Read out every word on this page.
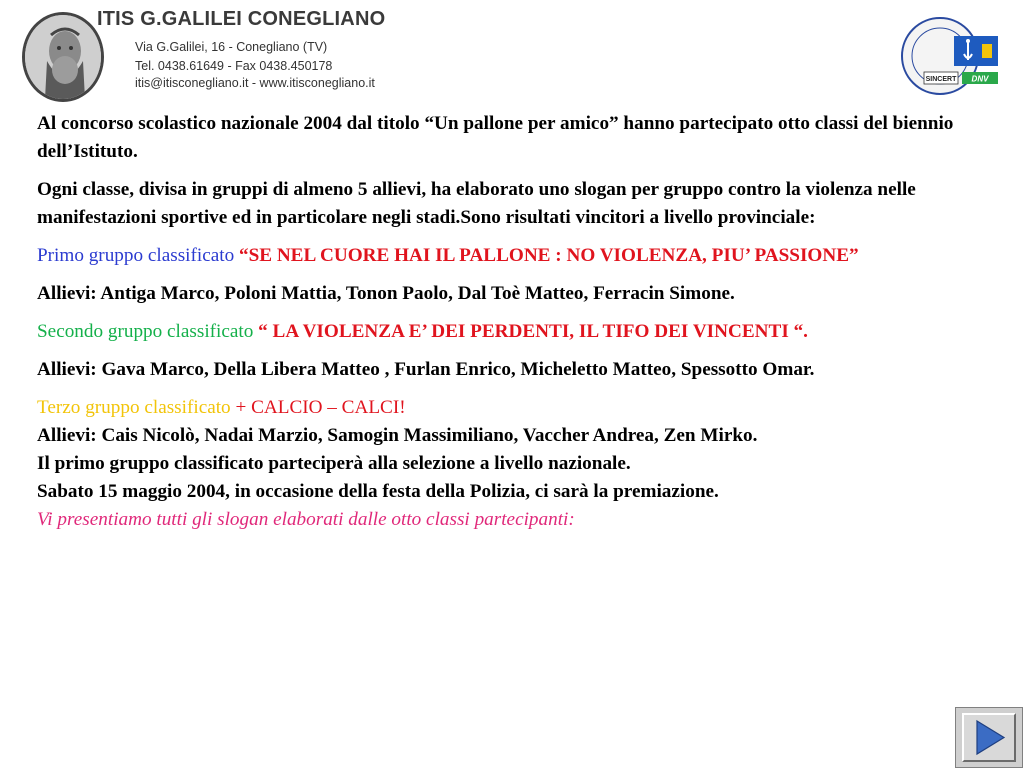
ITIS G.GALILEI CONEGLIANO
Via G.Galilei, 16 - Conegliano (TV)
Tel. 0438.61649 - Fax 0438.450178
itis@itisconegliano.it - www.itisconegliano.it	SINCERT DNV

Al concorso scolastico nazionale 2004 dal titolo “Un pallone per amico” hanno partecipato otto classi del biennio dell’Istituto.

Ogni classe, divisa in gruppi di almeno 5 allievi, ha elaborato uno slogan per gruppo contro la violenza nelle manifestazioni sportive ed in particolare negli stadi.Sono risultati vincitori a livello provinciale:

Primo gruppo classificato “SE NEL CUORE HAI IL PALLONE : NO VIOLENZA, PIU’ PASSIONE”

Allievi: Antiga Marco, Poloni Mattia, Tonon Paolo, Dal Toè Matteo, Ferracin Simone.

Secondo gruppo classificato “ LA VIOLENZA E’ DEI PERDENTI, IL TIFO DEI VINCENTI “.

Allievi: Gava Marco, Della Libera Matteo , Furlan Enrico, Micheletto Matteo, Spessotto Omar.

Terzo gruppo classificato + CALCIO – CALCI!

Allievi: Cais Nicolò, Nadai Marzio, Samogin Massimiliano, Vaccher Andrea, Zen Mirko.

Il primo gruppo classificato parteciperà alla selezione a livello nazionale.

Sabato 15 maggio 2004, in occasione della festa della Polizia, ci sarà la premiazione.

Vi presentiamo tutti gli slogan elaborati dalle otto classi partecipanti:
